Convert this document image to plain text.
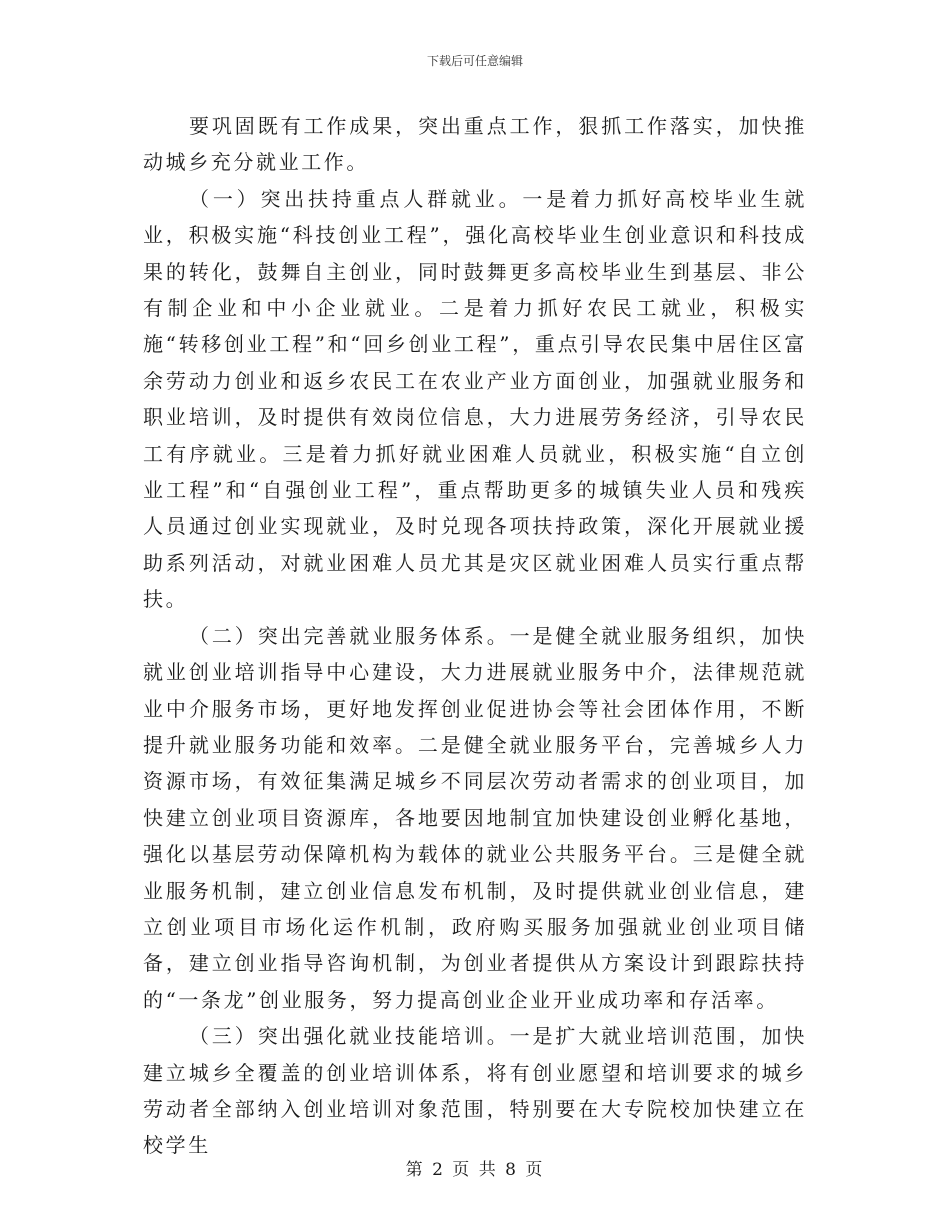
下载后可任意编辑

要巩固既有工作成果，突出重点工作，狠抓工作落实，加快推动城乡充分就业工作。

（一）突出扶持重点人群就业。一是着力抓好高校毕业生就业，积极实施“科技创业工程”，强化高校毕业生创业意识和科技成果的转化，鼓舞自主创业，同时鼓舞更多高校毕业生到基层、非公有制企业和中小企业就业。二是着力抓好农民工就业，积极实施“转移创业工程”和“回乡创业工程”，重点引导农民集中居住区富余劳动力创业和返乡农民工在农业产业方面创业，加强就业服务和职业培训，及时提供有效岗位信息，大力进展劳务经济，引导农民工有序就业。三是着力抓好就业困难人员就业，积极实施“自立创业工程”和“自强创业工程”，重点帮助更多的城镇失业人员和残疾人员通过创业实现就业，及时兑现各项扶持政策，深化开展就业援助系列活动，对就业困难人员尤其是灾区就业困难人员实行重点帮扶。

（二）突出完善就业服务体系。一是健全就业服务组织，加快就业创业培训指导中心建设，大力进展就业服务中介，法律规范就业中介服务市场，更好地发挥创业促进协会等社会团体作用，不断提升就业服务功能和效率。二是健全就业服务平台，完善城乡人力资源市场，有效征集满足城乡不同层次劳动者需求的创业项目，加快建立创业项目资源库，各地要因地制宜加快建设创业孵化基地，强化以基层劳动保障机构为载体的就业公共服务平台。三是健全就业服务机制，建立创业信息发布机制，及时提供就业创业信息，建立创业项目市场化运作机制，政府购买服务加强就业创业项目储备，建立创业指导咨询机制，为创业者提供从方案设计到跟踪扶持的“一条龙”创业服务，努力提高创业企业开业成功率和存活率。

（三）突出强化就业技能培训。一是扩大就业培训范围，加快建立城乡全覆盖的创业培训体系，将有创业愿望和培训要求的城乡劳动者全部纳入创业培训对象范围，特别要在大专院校加快建立在校学生

第 2 页 共 8 页
